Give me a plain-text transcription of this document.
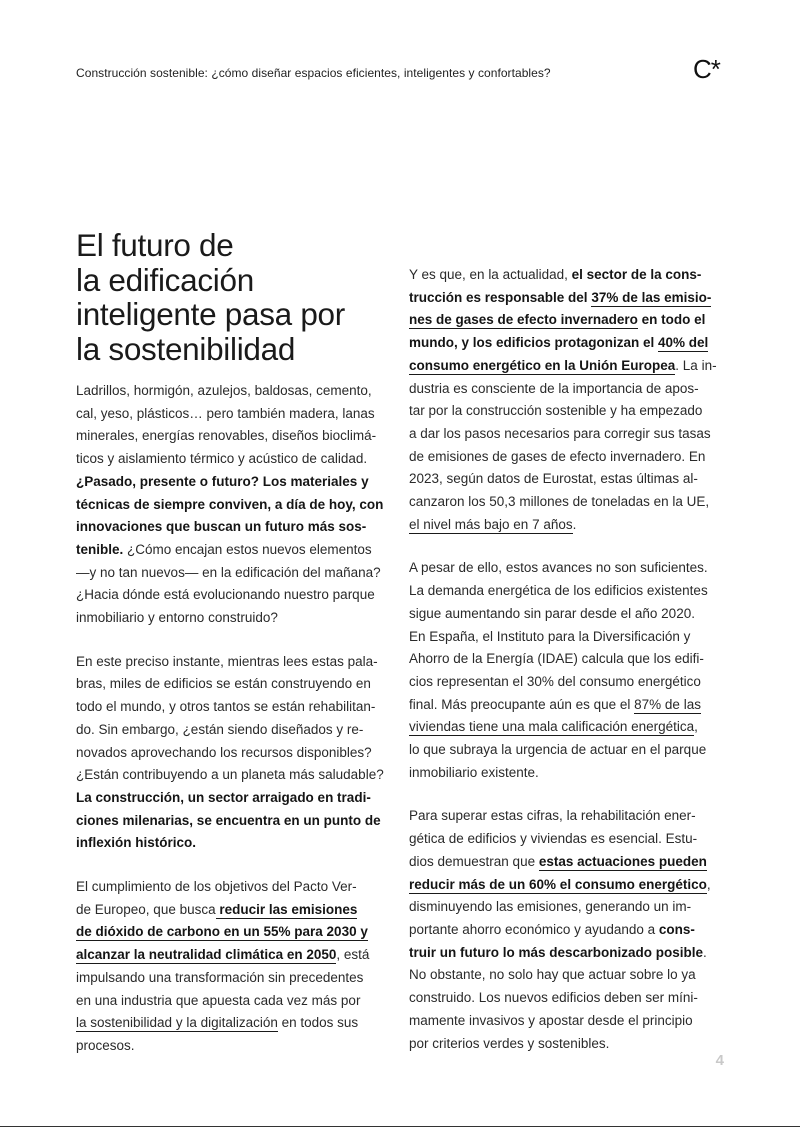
Construcción sostenible: ¿cómo diseñar espacios eficientes, inteligentes y confortables?	C*
El futuro de
la edificación
inteligente pasa por
la sostenibilidad

Ladrillos, hormigón, azulejos, baldosas, cemento,
cal, yeso, plásticos… pero también madera, lanas
minerales, energías renovables, diseños bioclimá-
ticos y aislamiento térmico y acústico de calidad.
¿Pasado, presente o futuro? Los materiales y
técnicas de siempre conviven, a día de hoy, con
innovaciones que buscan un futuro más sos-
tenible. ¿Cómo encajan estos nuevos elementos
—y no tan nuevos— en la edificación del mañana?
¿Hacia dónde está evolucionando nuestro parque
inmobiliario y entorno construido?

En este preciso instante, mientras lees estas pala-
bras, miles de edificios se están construyendo en
todo el mundo, y otros tantos se están rehabilitan-
do. Sin embargo, ¿están siendo diseñados y re-
novados aprovechando los recursos disponibles?
¿Están contribuyendo a un planeta más saludable?
La construcción, un sector arraigado en tradi-
ciones milenarias, se encuentra en un punto de
inflexión histórico.

El cumplimiento de los objetivos del Pacto Ver-
de Europeo, que busca reducir las emisiones
de dióxido de carbono en un 55% para 2030 y
alcanzar la neutralidad climática en 2050, está
impulsando una transformación sin precedentes
en una industria que apuesta cada vez más por
la sostenibilidad y la digitalización en todos sus
procesos.

Y es que, en la actualidad, el sector de la cons-
trucción es responsable del 37% de las emisio-
nes de gases de efecto invernadero en todo el
mundo, y los edificios protagonizan el 40% del
consumo energético en la Unión Europea. La in-
dustria es consciente de la importancia de apos-
tar por la construcción sostenible y ha empezado
a dar los pasos necesarios para corregir sus tasas
de emisiones de gases de efecto invernadero. En
2023, según datos de Eurostat, estas últimas al-
canzaron los 50,3 millones de toneladas en la UE,
el nivel más bajo en 7 años.

A pesar de ello, estos avances no son suficientes.
La demanda energética de los edificios existentes
sigue aumentando sin parar desde el año 2020.
En España, el Instituto para la Diversificación y
Ahorro de la Energía (IDAE) calcula que los edifi-
cios representan el 30% del consumo energético
final. Más preocupante aún es que el 87% de las
viviendas tiene una mala calificación energética,
lo que subraya la urgencia de actuar en el parque
inmobiliario existente.

Para superar estas cifras, la rehabilitación ener-
gética de edificios y viviendas es esencial. Estu-
dios demuestran que estas actuaciones pueden
reducir más de un 60% el consumo energético,
disminuyendo las emisiones, generando un im-
portante ahorro económico y ayudando a cons-
truir un futuro lo más descarbonizado posible.
No obstante, no solo hay que actuar sobre lo ya
construido. Los nuevos edificios deben ser míni-
mamente invasivos y apostar desde el principio
por criterios verdes y sostenibles.

4
